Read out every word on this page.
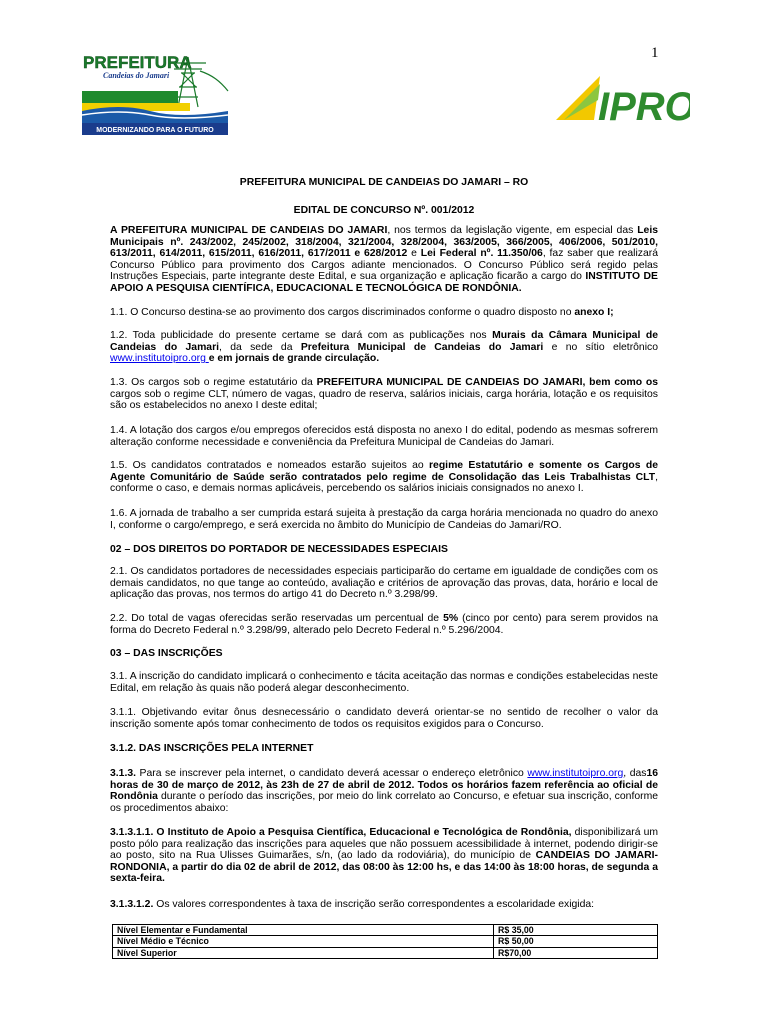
MODERNIZANDO PARA O FUTURO
PREFEITURA
Candeias do Jamari
1
IPRO
PREFEITURA MUNICIPAL DE CANDEIAS DO JAMARI – RO
EDITAL DE CONCURSO Nº. 001/2012

A PREFEITURA MUNICIPAL DE CANDEIAS DO JAMARI, nos termos da legislação vigente, em especial das Leis Municipais nº. 243/2002, 245/2002, 318/2004, 321/2004, 328/2004, 363/2005, 366/2005, 406/2006, 501/2010, 613/2011, 614/2011, 615/2011, 616/2011, 617/2011 e 628/2012 e Lei Federal nº. 11.350/06, faz saber que realizará Concurso Público para provimento dos Cargos adiante mencionados. O Concurso Público será regido pelas Instruções Especiais, parte integrante deste Edital, e sua organização e aplicação ficarão a cargo do INSTITUTO DE APOIO A PESQUISA CIENTÍFICA, EDUCACIONAL E TECNOLÓGICA DE RONDÔNIA.

1.1. O Concurso destina-se ao provimento dos cargos discriminados conforme o quadro disposto no anexo I;

1.2. Toda publicidade do presente certame se dará com as publicações nos Murais da Câmara Municipal de Candeias do Jamari, da sede da Prefeitura Municipal de Candeias do Jamari e no sítio eletrônico www.institutoipro.org e em jornais de grande circulação.

1.3. Os cargos sob o regime estatutário da PREFEITURA MUNICIPAL DE CANDEIAS DO JAMARI, bem como os cargos sob o regime CLT, número de vagas, quadro de reserva, salários iniciais, carga horária, lotação e os requisitos são os estabelecidos no anexo I deste edital;

1.4. A lotação dos cargos e/ou empregos oferecidos está disposta no anexo I do edital, podendo as mesmas sofrerem alteração conforme necessidade e conveniência da Prefeitura Municipal de Candeias do Jamari.

1.5. Os candidatos contratados e nomeados estarão sujeitos ao regime Estatutário e somente os Cargos de Agente Comunitário de Saúde serão contratados pelo regime de Consolidação das Leis Trabalhistas CLT, conforme o caso, e demais normas aplicáveis, percebendo os salários iniciais consignados no anexo I.

1.6. A jornada de trabalho a ser cumprida estará sujeita à prestação da carga horária mencionada no quadro do anexo I, conforme o cargo/emprego, e será exercida no âmbito do Município de Candeias do Jamari/RO.

02 – DOS DIREITOS DO PORTADOR DE NECESSIDADES ESPECIAIS

2.1. Os candidatos portadores de necessidades especiais participarão do certame em igualdade de condições com os demais candidatos, no que tange ao conteúdo, avaliação e critérios de aprovação das provas, data, horário e local de aplicação das provas, nos termos do artigo 41 do Decreto n.º 3.298/99.

2.2. Do total de vagas oferecidas serão reservadas um percentual de 5% (cinco por cento) para serem providos na forma do Decreto Federal n.º 3.298/99, alterado pelo Decreto Federal n.º 5.296/2004.

03 – DAS INSCRIÇÕES

3.1. A inscrição do candidato implicará o conhecimento e tácita aceitação das normas e condições estabelecidas neste Edital, em relação às quais não poderá alegar desconhecimento.

3.1.1. Objetivando evitar ônus desnecessário o candidato deverá orientar-se no sentido de recolher o valor da inscrição somente após tomar conhecimento de todos os requisitos exigidos para o Concurso.

3.1.2. DAS INSCRIÇÕES PELA INTERNET

3.1.3. Para se inscrever pela internet, o candidato deverá acessar o endereço eletrônico www.institutoipro.org, das16 horas de 30 de março de 2012, às 23h de 27 de abril de 2012. Todos os horários fazem referência ao oficial de Rondônia durante o período das inscrições, por meio do link correlato ao Concurso, e efetuar sua inscrição, conforme os procedimentos abaixo:

3.1.3.1.1. O Instituto de Apoio a Pesquisa Científica, Educacional e Tecnológica de Rondônia, disponibilizará um posto pólo para realização das inscrições para aqueles que não possuem acessibilidade à internet, podendo dirigir-se ao posto, sito na Rua Ulisses Guimarães, s/n, (ao lado da rodoviária), do município de CANDEIAS DO JAMARI-RONDONIA, a partir do dia 02 de abril de 2012, das 08:00 às 12:00 hs, e das 14:00 às 18:00 horas, de segunda a sexta-feira.

3.1.3.1.2. Os valores correspondentes à taxa de inscrição serão correspondentes a escolaridade exigida:

Nível Elementar e Fundamental	R$ 35,00
Nível Médio e Técnico	R$ 50,00
Nível Superior	R$70,00
